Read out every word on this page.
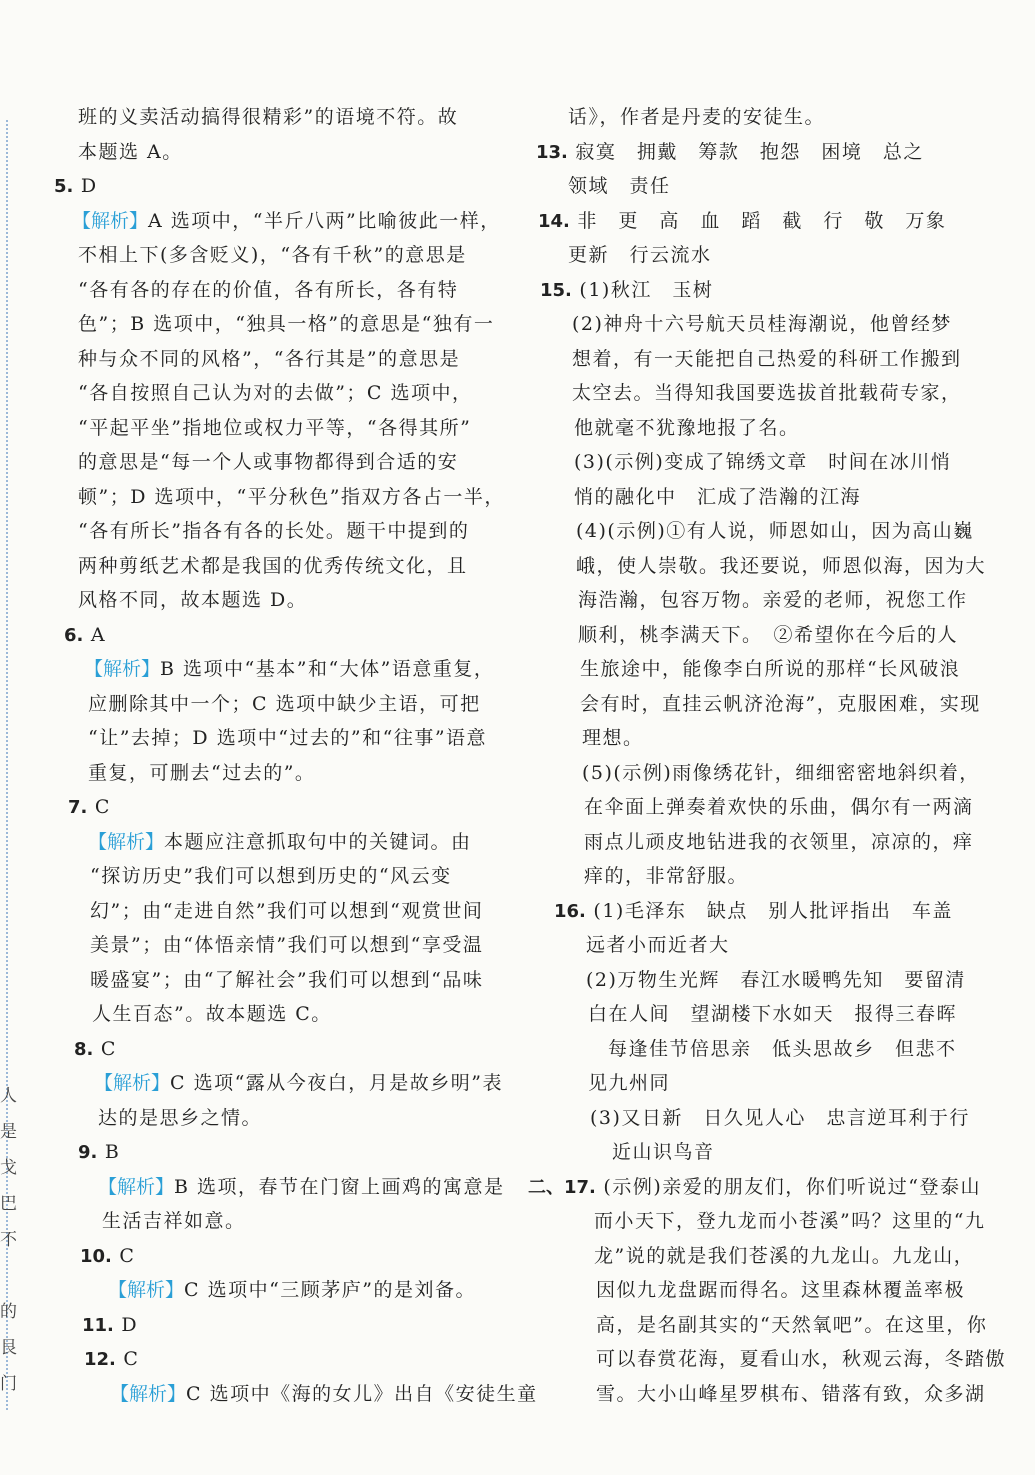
人
是
戈
巴
不

的
艮
门
班的义卖活动搞得很精彩”的语境不符。故
本题选 A。
5. D
【解析】A 选项中，“半斤八两”比喻彼此一样，
不相上下(多含贬义)，“各有千秋”的意思是
“各有各的存在的价值，各有所长，各有特
色”；B 选项中，“独具一格”的意思是“独有一
种与众不同的风格”，“各行其是”的意思是
“各自按照自己认为对的去做”；C 选项中，
“平起平坐”指地位或权力平等，“各得其所”
的意思是“每一个人或事物都得到合适的安
顿”；D 选项中，“平分秋色”指双方各占一半，
“各有所长”指各有各的长处。题干中提到的
两种剪纸艺术都是我国的优秀传统文化，且
风格不同，故本题选 D。
6. A
【解析】B 选项中“基本”和“大体”语意重复，
应删除其中一个；C 选项中缺少主语，可把
“让”去掉；D 选项中“过去的”和“往事”语意
重复，可删去“过去的”。
7. C
【解析】本题应注意抓取句中的关键词。由
“探访历史”我们可以想到历史的“风云变
幻”；由“走进自然”我们可以想到“观赏世间
美景”；由“体悟亲情”我们可以想到“享受温
暖盛宴”；由“了解社会”我们可以想到“品味
人生百态”。故本题选 C。
8. C
【解析】C 选项“露从今夜白，月是故乡明”表
达的是思乡之情。
9. B
【解析】B 选项，春节在门窗上画鸡的寓意是
生活吉祥如意。
10. C
【解析】C 选项中“三顾茅庐”的是刘备。
11. D
12. C
【解析】C 选项中《海的女儿》出自《安徒生童
话》，作者是丹麦的安徒生。
13. 寂寞　拥戴　筹款　抱怨　困境　总之
领域　责任
14. 非　更　高　血　蹈　截　行　敬　万象
更新　行云流水
15. (1)秋江　玉树
(2)神舟十六号航天员桂海潮说，他曾经梦
想着，有一天能把自己热爱的科研工作搬到
太空去。当得知我国要选拔首批载荷专家，
他就毫不犹豫地报了名。
(3)(示例)变成了锦绣文章　时间在冰川悄
悄的融化中　汇成了浩瀚的江海
(4)(示例)①有人说，师恩如山，因为高山巍
峨，使人崇敬。我还要说，师恩似海，因为大
海浩瀚，包容万物。亲爱的老师，祝您工作
顺利，桃李满天下。　②希望你在今后的人
生旅途中，能像李白所说的那样“长风破浪
会有时，直挂云帆济沧海”，克服困难，实现
理想。
(5)(示例)雨像绣花针，细细密密地斜织着，
在伞面上弹奏着欢快的乐曲，偶尔有一两滴
雨点儿顽皮地钻进我的衣领里，凉凉的，痒
痒的，非常舒服。
16. (1)毛泽东　缺点　别人批评指出　车盖
远者小而近者大
(2)万物生光辉　春江水暖鸭先知　要留清
白在人间　望湖楼下水如天　报得三春晖
每逢佳节倍思亲　低头思故乡　但悲不
见九州同
(3)又日新　日久见人心　忠言逆耳利于行
近山识鸟音
二、17. (示例)亲爱的朋友们，你们听说过“登泰山
而小天下，登九龙而小苍溪”吗？这里的“九
龙”说的就是我们苍溪的九龙山。九龙山，
因似九龙盘踞而得名。这里森林覆盖率极
高，是名副其实的“天然氧吧”。在这里，你
可以春赏花海，夏看山水，秋观云海，冬踏傲
雪。大小山峰星罗棋布、错落有致，众多湖
